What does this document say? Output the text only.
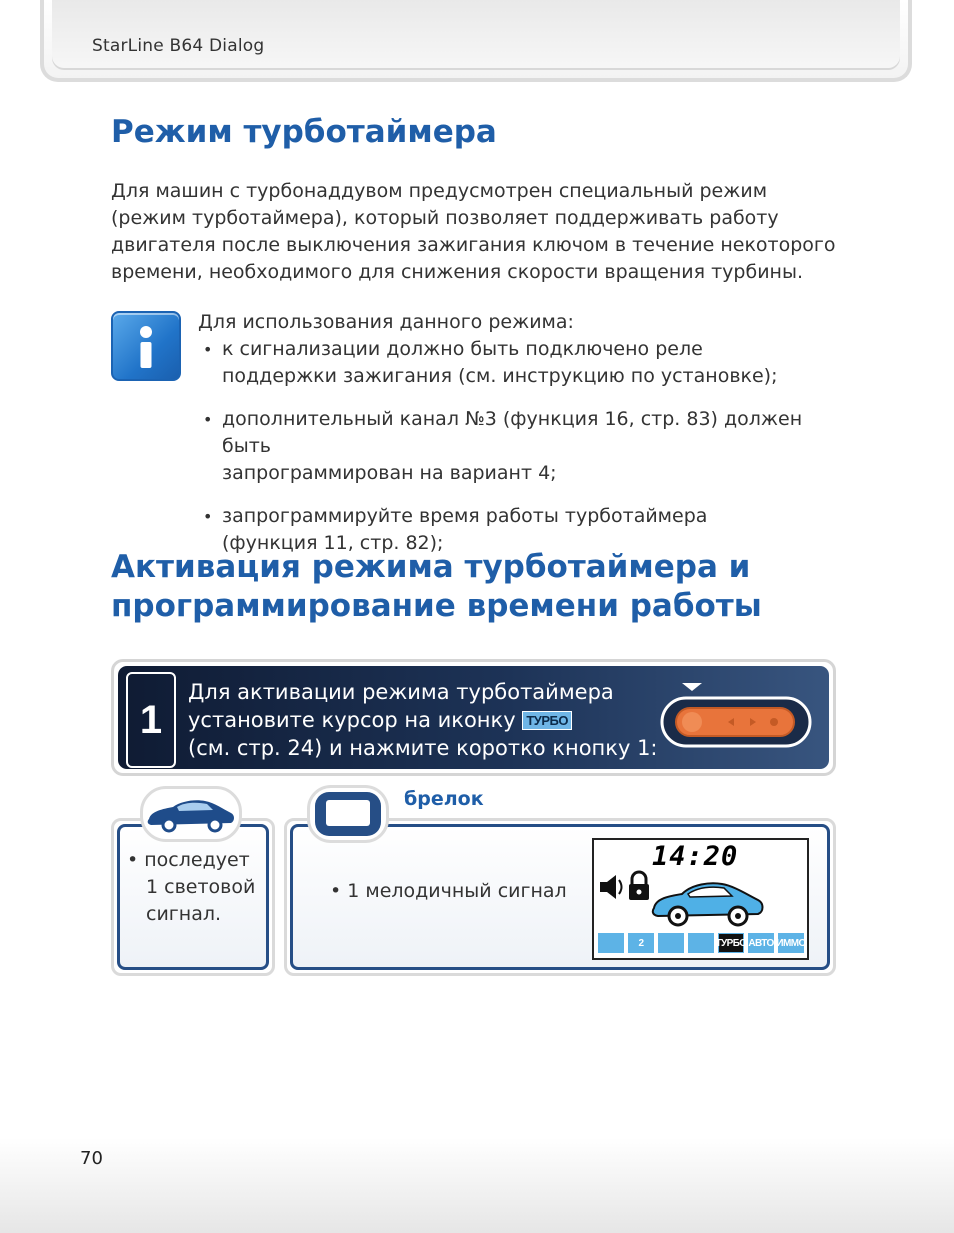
StarLine B64 Dialog
Режим турботаймера
Для машин с турбонаддувом предусмотрен специальный режим
(режим турботаймера), который позволяет поддерживать работу
двигателя после выключения зажигания ключом в течение некоторого
времени, необходимого для снижения скорости вращения турбины.
Для использования данного режима:
• к сигнализации должно быть подключено реле
поддержки зажигания (см. инструкцию по установке);
• дополнительный канал №3 (функция 16, стр. 83) должен быть
запрограммирован на вариант 4;
• запрограммируйте время работы турботаймера
(функция 11, стр. 82);
Активация режима турботаймера и
программирование времени работы
1
Для активации режима турботаймера
установите курсор на иконку ТУРБО
(см. стр. 24) и нажмите коротко кнопку 1:
• последует
1 световой
сигнал.
брелок
• 1 мелодичный сигнал
14:20
2	ТУРБО АВТО ИММО
70
